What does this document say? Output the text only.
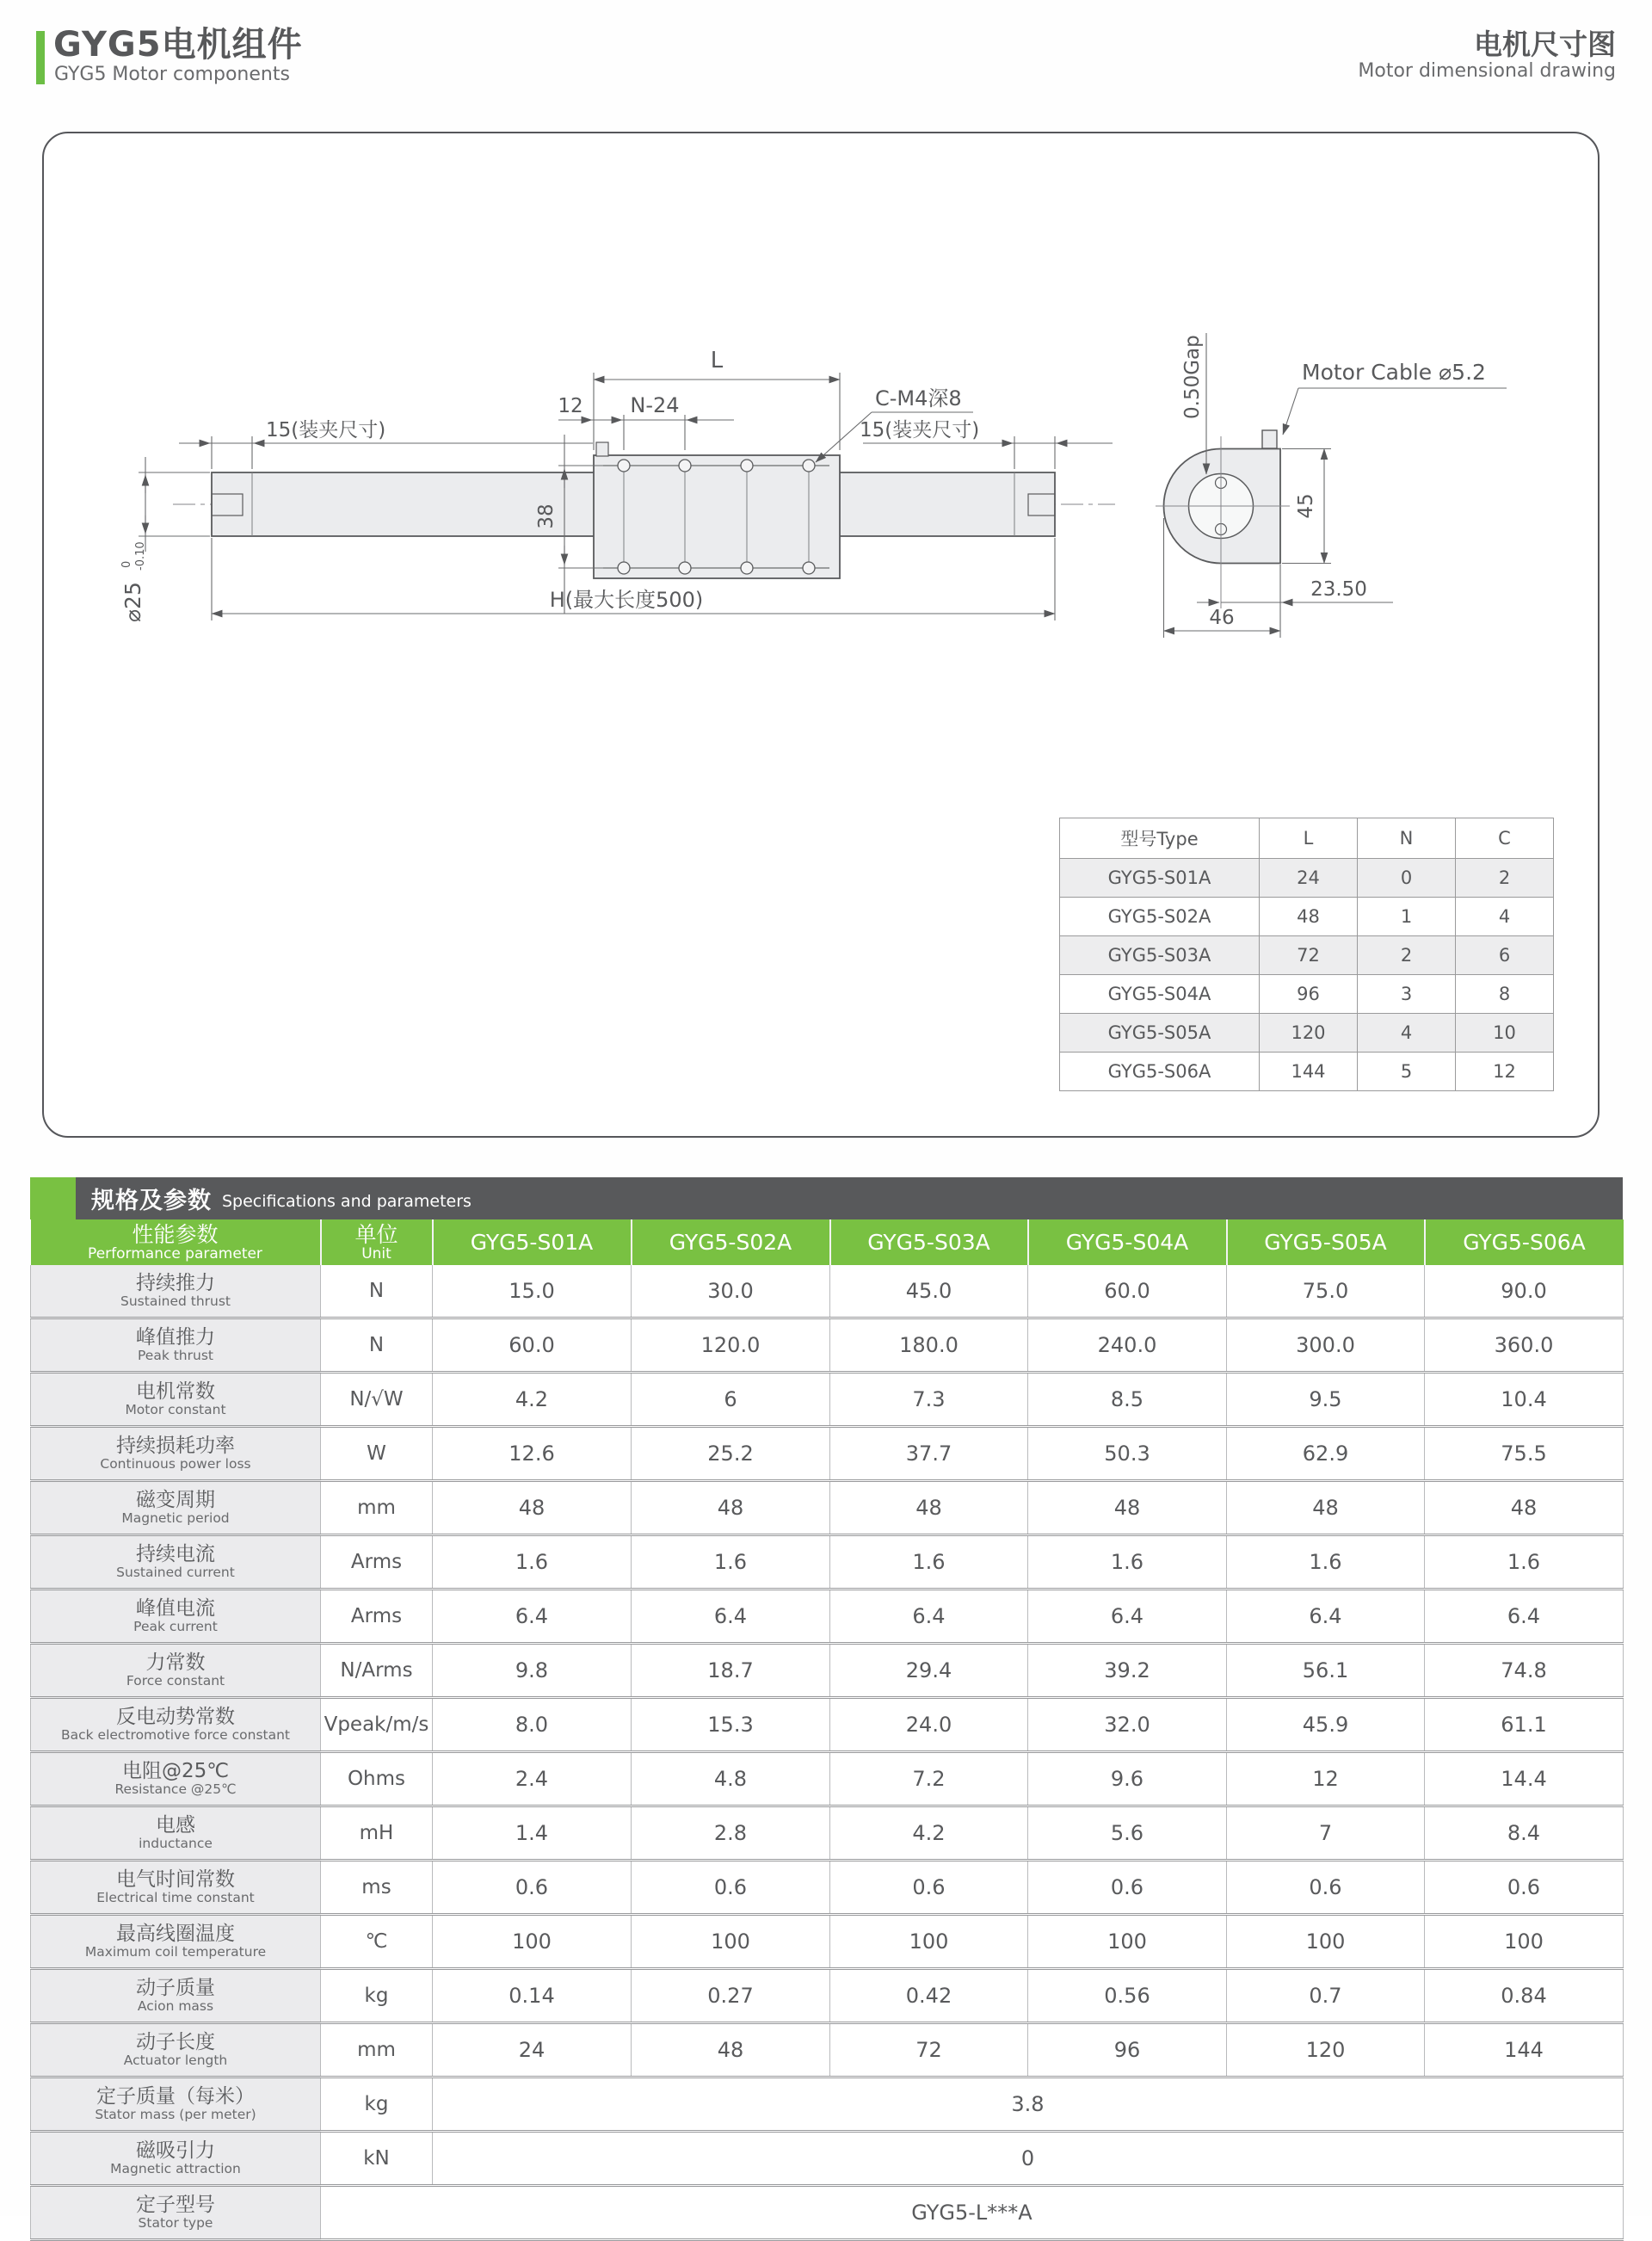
GYG5电机组件
GYG5 Motor components
电机尺寸图
Motor dimensional drawing
L
12 N-24	C-M4深8
15(装夹尺寸)	15(装夹尺寸)
38
H(最大长度500)
⌀25
0 -0.10
0.50Gap	Motor Cable ⌀5.2
45
23.50
46
型号Type	L	N	C
GYG5-S01A	24	0	2
GYG5-S02A	48	1	4
GYG5-S03A	72	2	6
GYG5-S04A	96	3	8
GYG5-S05A	120	4	10
GYG5-S06A	144	5	12
规格及参数 Specifications and parameters
性能参数
Performance parameter

单位
Unit	GYG5-S01A	GYG5-S02A	GYG5-S03A	GYG5-S04A	GYG5-S05A	GYG5-S06A

持续推力
Sustained thrust	N	15.0	30.0	45.0	60.0	75.0	90.0

峰值推力
Peak thrust	N	60.0	120.0	180.0	240.0	300.0	360.0

电机常数
Motor constant	N/√W	4.2	6	7.3	8.5	9.5	10.4

持续损耗功率
Continuous power loss	W	12.6	25.2	37.7	50.3	62.9	75.5

磁变周期
Magnetic period	mm	48	48	48	48	48	48

持续电流
Sustained current	Arms	1.6	1.6	1.6	1.6	1.6	1.6

峰值电流
Peak current	Arms	6.4	6.4	6.4	6.4	6.4	6.4

力常数
Force constant	N/Arms	9.8	18.7	29.4	39.2	56.1	74.8

反电动势常数
Back electromotive force constant	Vpeak/m/s	8.0	15.3	24.0	32.0	45.9	61.1

电阻@25℃
Resistance @25℃	Ohms	2.4	4.8	7.2	9.6	12	14.4

电感
inductance	mH	1.4	2.8	4.2	5.6	7	8.4

电气时间常数
Electrical time constant	ms	0.6	0.6	0.6	0.6	0.6	0.6

最高线圈温度
Maximum coil temperature	℃	100	100	100	100	100	100

动子质量
Acion mass	kg	0.14	0.27	0.42	0.56	0.7	0.84

动子长度
Actuator length	mm	24	48	72	96	120	144

定子质量（每米）
Stator mass (per meter)	kg	3.8					

磁吸引力
Magnetic attraction	kN	0					

定子型号
Stator type	GYG5-L***A						
